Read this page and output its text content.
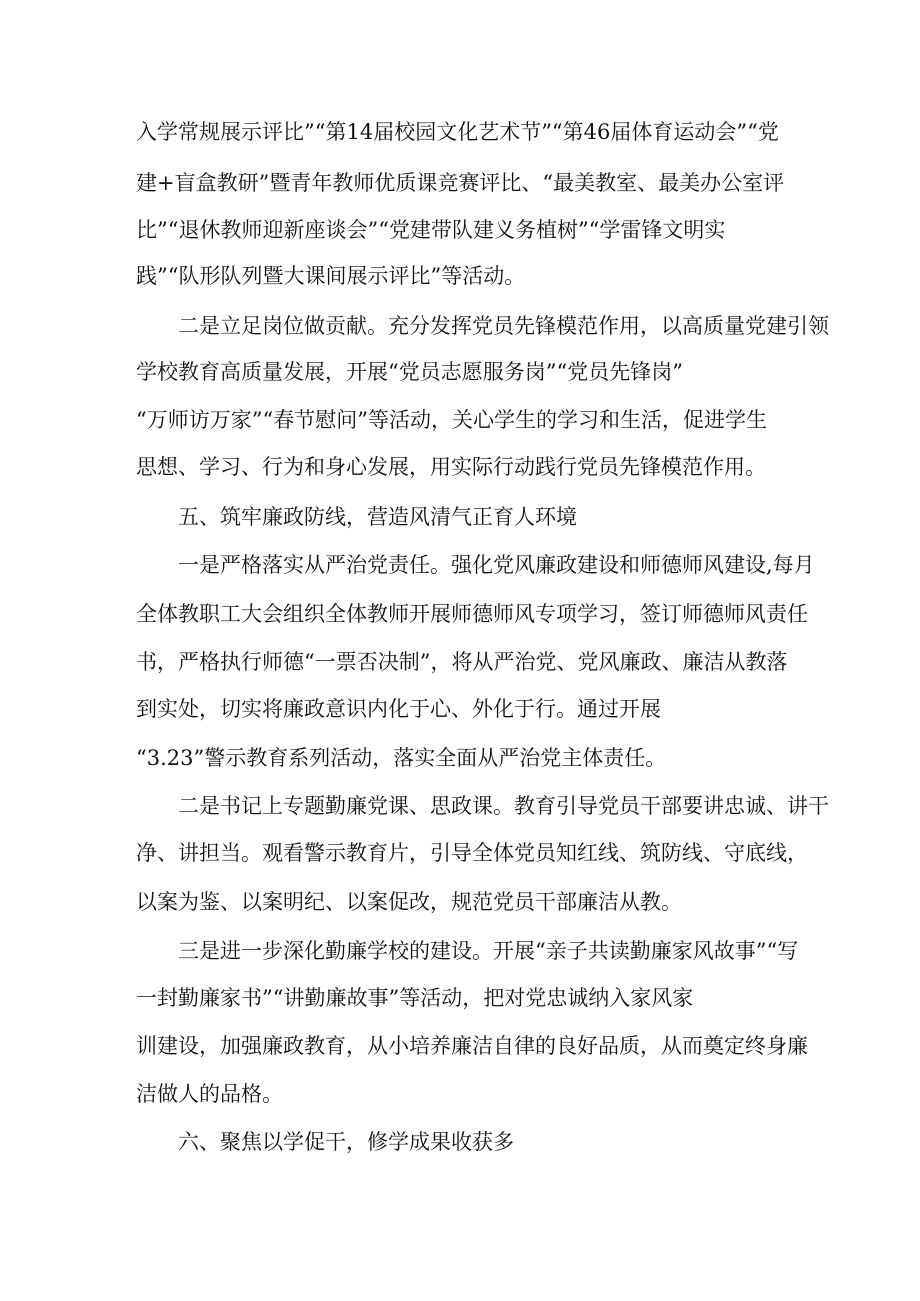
入学常规展示评比”“第14届校园文化艺术节”“第46届体育运动会”“党
建+盲盒教研”暨青年教师优质课竞赛评比、“最美教室、最美办公室评
比”“退休教师迎新座谈会”“党建带队建义务植树”“学雷锋文明实
践”“队形队列暨大课间展示评比”等活动。
二是立足岗位做贡献。充分发挥党员先锋模范作用，以高质量党建引领
学校教育高质量发展，开展“党员志愿服务岗”“党员先锋岗”
“万师访万家”“春节慰问”等活动，关心学生的学习和生活，促进学生
思想、学习、行为和身心发展，用实际行动践行党员先锋模范作用。
五、筑牢廉政防线，营造风清气正育人环境
一是严格落实从严治党责任。强化党风廉政建设和师德师风建设,每月
全体教职工大会组织全体教师开展师德师风专项学习，签订师德师风责任
书，严格执行师德“一票否决制”，将从严治党、党风廉政、廉洁从教落
到实处，切实将廉政意识内化于心、外化于行。通过开展
“3.23”警示教育系列活动，落实全面从严治党主体责任。
二是书记上专题勤廉党课、思政课。教育引导党员干部要讲忠诚、讲干
净、讲担当。观看警示教育片，引导全体党员知红线、筑防线、守底线，
以案为鉴、以案明纪、以案促改，规范党员干部廉洁从教。
三是进一步深化勤廉学校的建设。开展“亲子共读勤廉家风故事”“写
一封勤廉家书”“讲勤廉故事”等活动，把对党忠诚纳入家风家
训建设，加强廉政教育，从小培养廉洁自律的良好品质，从而奠定终身廉
洁做人的品格。
六、聚焦以学促干，修学成果收获多
